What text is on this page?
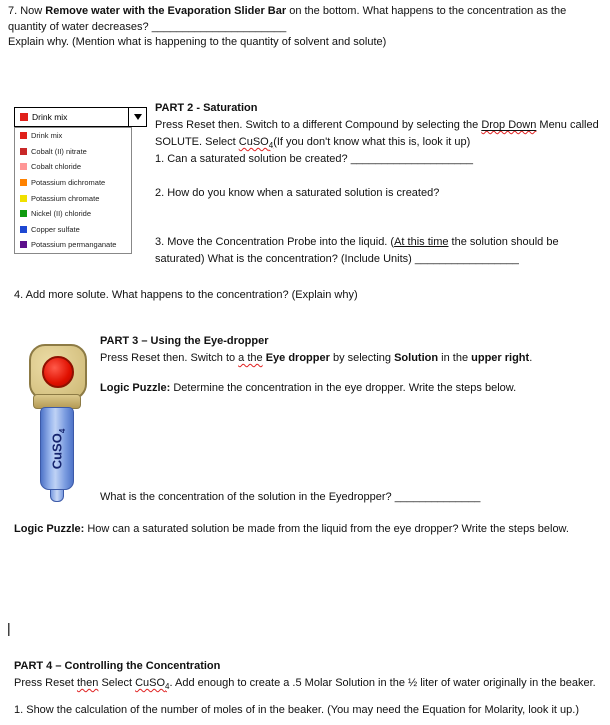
7. Now Remove water with the Evaporation Slider Bar on the bottom. What happens to the concentration as the
quantity of water decreases? ______________________
Explain why. (Mention what is happening to the quantity of solvent and solute)
Drink mix
Drink mix
Cobalt (II) nitrate
Cobalt chloride
Potassium dichromate
Potassium chromate
Nickel (II) chloride
Copper sulfate
Potassium permanganate
PART 2 - Saturation
Press Reset then. Switch to a different Compound by selecting the Drop Down Menu called
SOLUTE. Select CuSO$_4$(If you don't know what this is, look it up)
1. Can a saturated solution be created? ____________________
2. How do you know when a saturated solution is created?
3. Move the Concentration Probe into the liquid. (At this time the solution should be
saturated) What is the concentration? (Include Units) _________________
4. Add more solute. What happens to the concentration? (Explain why)
PART 3 – Using the Eye-dropper
Press Reset then. Switch to a the Eye dropper by selecting Solution in the upper right.
Logic Puzzle: Determine the concentration in the eye dropper. Write the steps below.
CuSO$_4$
What is the concentration of the solution in the Eyedropper? ______________
Logic Puzzle: How can a saturated solution be made from the liquid from the eye dropper? Write the steps below.
|
PART 4 – Controlling the Concentration
Press Reset then Select CuSO$_4$. Add enough to create a .5 Molar Solution in the ½ liter of water originally in the beaker.
1. Show the calculation of the number of moles of in the beaker. (You may need the Equation for Molarity, look it up.)
